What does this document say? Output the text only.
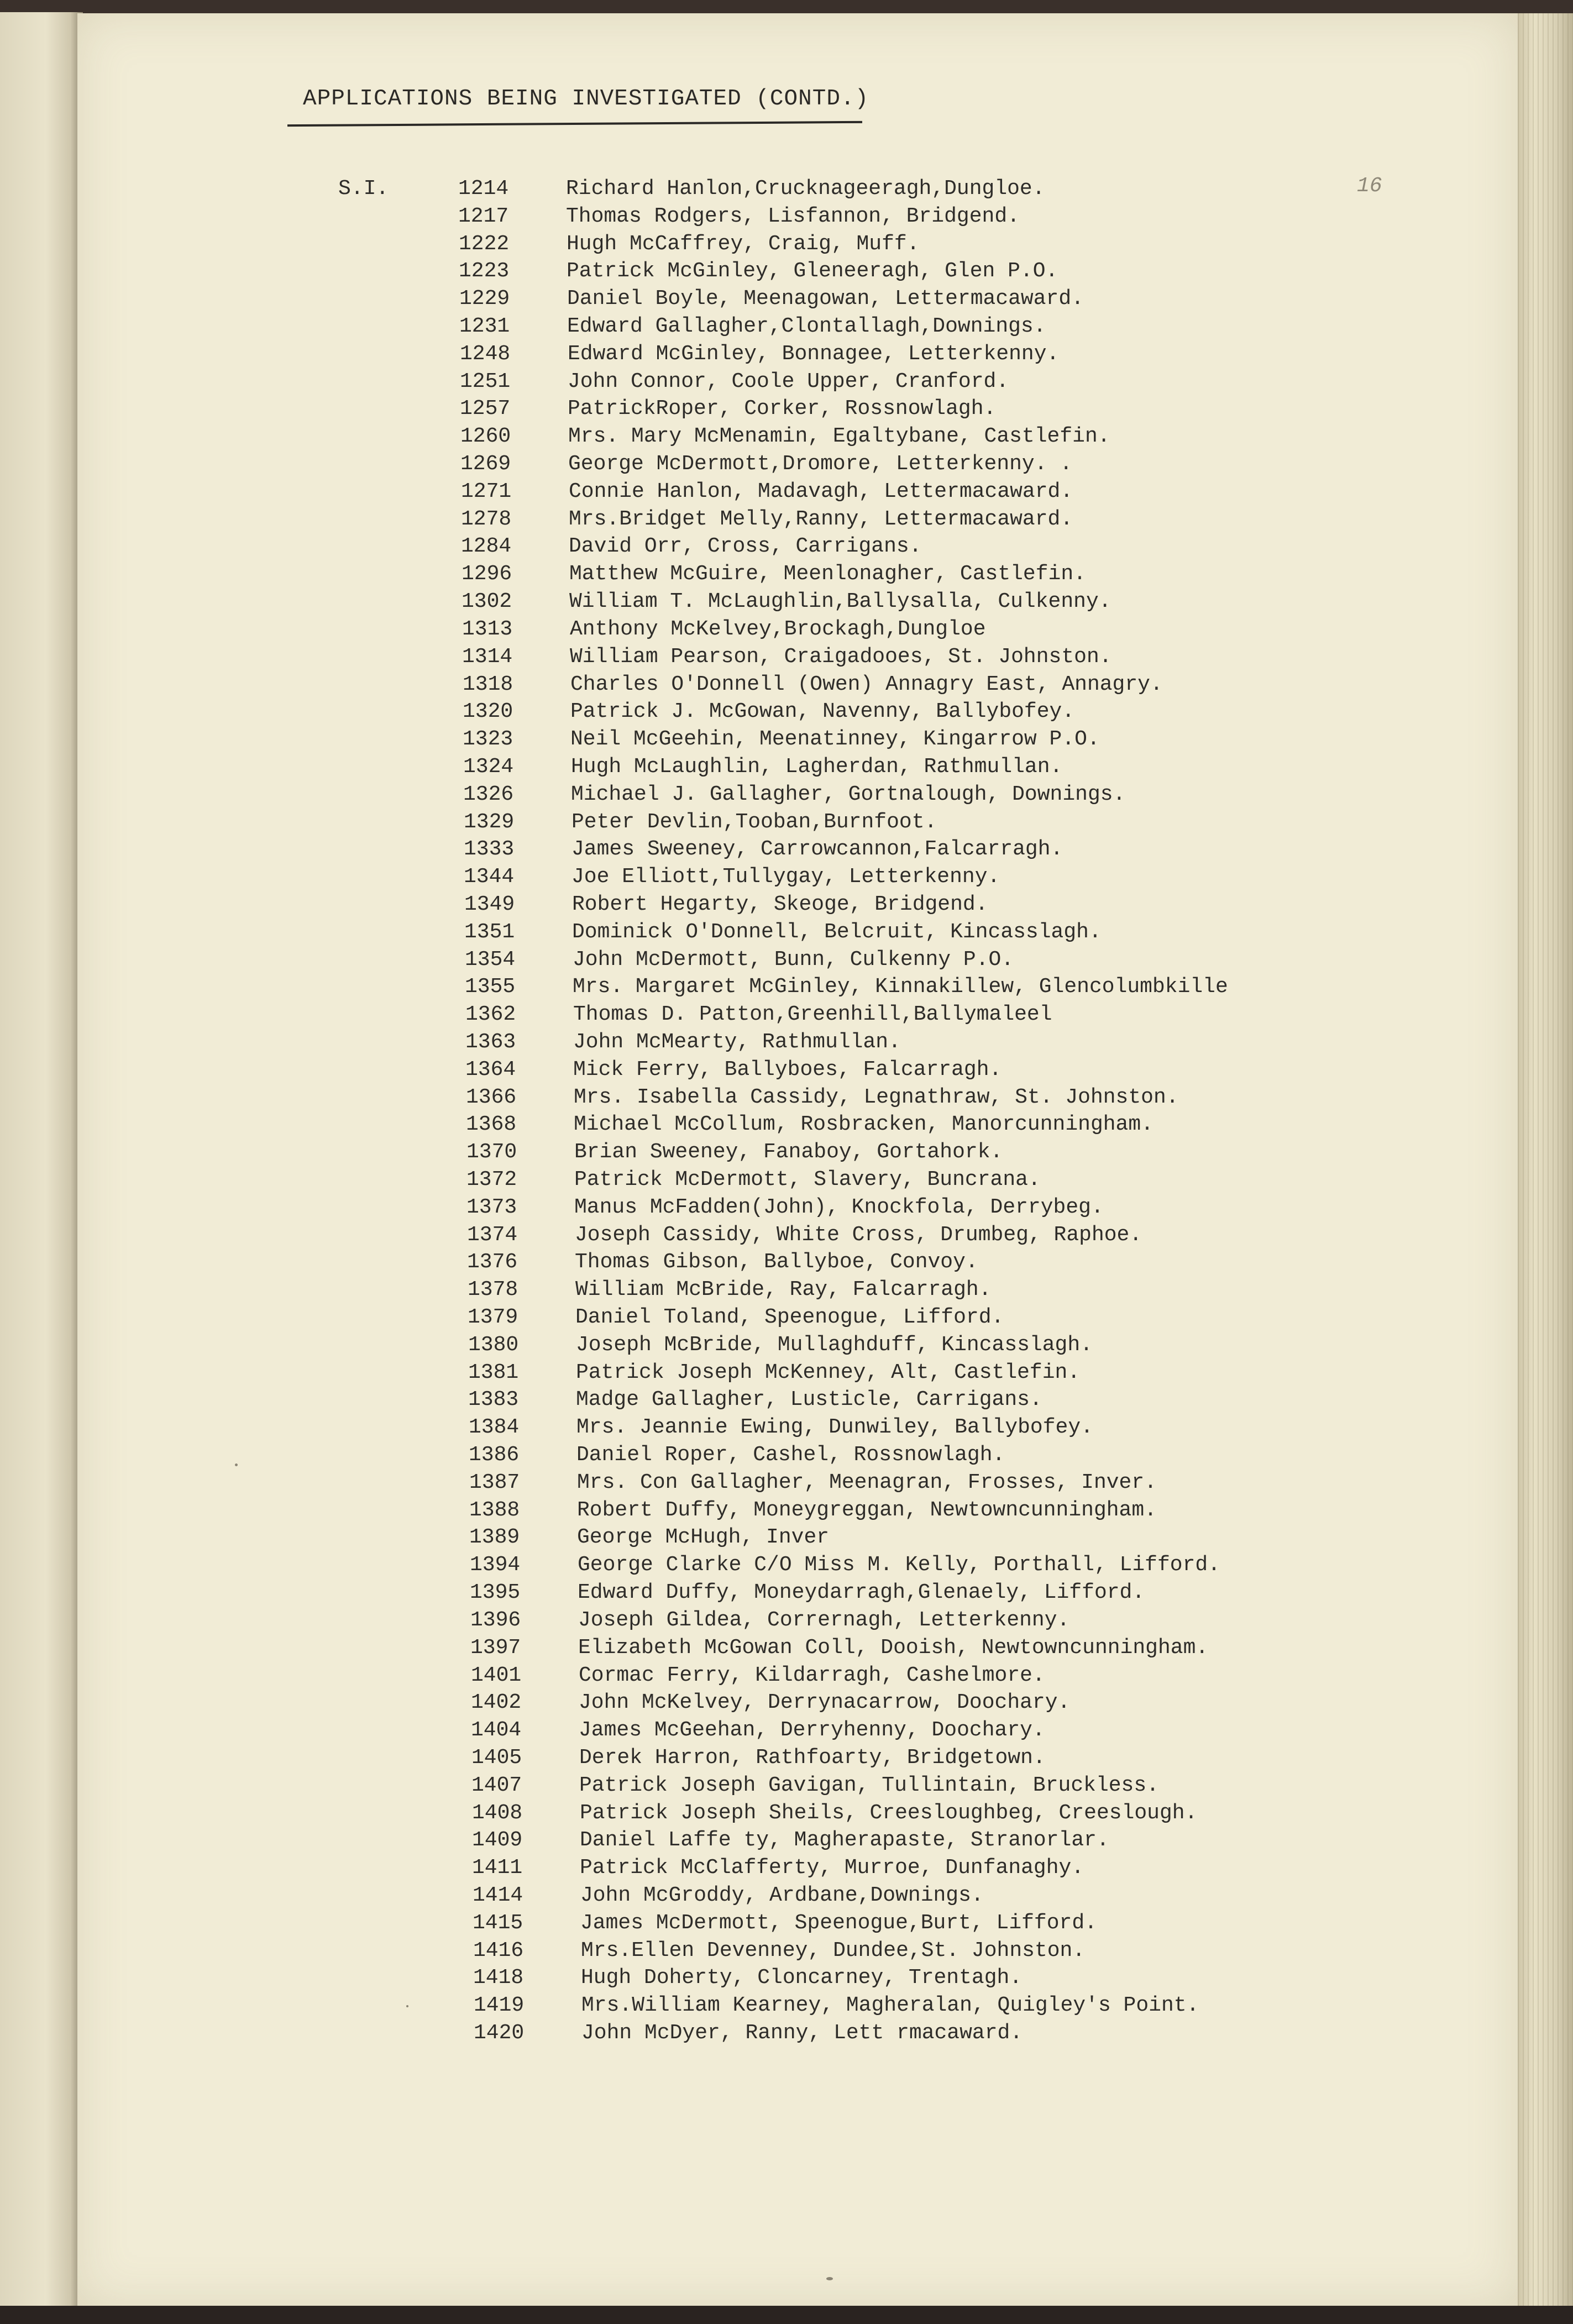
APPLICATIONS BEING INVESTIGATED (CONTD.)
16
S.I.	1214	Richard Hanlon,Crucknageeragh,Dungloe.
1217	Thomas Rodgers, Lisfannon, Bridgend.
1222	Hugh McCaffrey, Craig, Muff.
1223	Patrick McGinley, Gleneeragh, Glen P.O.
1229	Daniel Boyle, Meenagowan, Lettermacaward.
1231	Edward Gallagher,Clontallagh,Downings.
1248	Edward McGinley, Bonnagee, Letterkenny.
1251	John Connor, Coole Upper, Cranford.
1257	PatrickRoper, Corker, Rossnowlagh.
1260	Mrs. Mary McMenamin, Egaltybane, Castlefin.
1269	George McDermott,Dromore, Letterkenny. .
1271	Connie Hanlon, Madavagh, Lettermacaward.
1278	Mrs.Bridget Melly,Ranny, Lettermacaward.
1284	David Orr, Cross, Carrigans.
1296	Matthew McGuire, Meenlonagher, Castlefin.
1302	William T. McLaughlin,Ballysalla, Culkenny.
1313	Anthony McKelvey,Brockagh,Dungloe
1314	William Pearson, Craigadooes, St. Johnston.
1318	Charles O'Donnell (Owen) Annagry East, Annagry.
1320	Patrick J. McGowan, Navenny, Ballybofey.
1323	Neil McGeehin, Meenatinney, Kingarrow P.O.
1324	Hugh McLaughlin, Lagherdan, Rathmullan.
1326	Michael J. Gallagher, Gortnalough, Downings.
1329	Peter Devlin,Tooban,Burnfoot.
1333	James Sweeney, Carrowcannon,Falcarragh.
1344	Joe Elliott,Tullygay, Letterkenny.
1349	Robert Hegarty, Skeoge, Bridgend.
1351	Dominick O'Donnell, Belcruit, Kincasslagh.
1354	John McDermott, Bunn, Culkenny P.O.
1355	Mrs. Margaret McGinley, Kinnakillew, Glencolumbkille
1362	Thomas D. Patton,Greenhill,Ballymaleel
1363	John McMearty, Rathmullan.
1364	Mick Ferry, Ballyboes, Falcarragh.
1366	Mrs. Isabella Cassidy, Legnathraw, St. Johnston.
1368	Michael McCollum, Rosbracken, Manorcunningham.
1370	Brian Sweeney, Fanaboy, Gortahork.
1372	Patrick McDermott, Slavery, Buncrana.
1373	Manus McFadden(John), Knockfola, Derrybeg.
1374	Joseph Cassidy, White Cross, Drumbeg, Raphoe.
1376	Thomas Gibson, Ballyboe, Convoy.
1378	William McBride, Ray, Falcarragh.
1379	Daniel Toland, Speenogue, Lifford.
1380	Joseph McBride, Mullaghduff, Kincasslagh.
1381	Patrick Joseph McKenney, Alt, Castlefin.
1383	Madge Gallagher, Lusticle, Carrigans.
1384	Mrs. Jeannie Ewing, Dunwiley, Ballybofey.
1386	Daniel Roper, Cashel, Rossnowlagh.
1387	Mrs. Con Gallagher, Meenagran, Frosses, Inver.
1388	Robert Duffy, Moneygreggan, Newtowncunningham.
1389	George McHugh, Inver
1394	George Clarke C/O Miss M. Kelly, Porthall, Lifford.
1395	Edward Duffy, Moneydarragh,Glenaely, Lifford.
1396	Joseph Gildea, Corrernagh, Letterkenny.
1397	Elizabeth McGowan Coll, Dooish, Newtowncunningham.
1401	Cormac Ferry, Kildarragh, Cashelmore.
1402	John McKelvey, Derrynacarrow, Doochary.
1404	James McGeehan, Derryhenny, Doochary.
1405	Derek Harron, Rathfoarty, Bridgetown.
1407	Patrick Joseph Gavigan, Tullintain, Bruckless.
1408	Patrick Joseph Sheils, Creesloughbeg, Creeslough.
1409	Daniel Laffe ty, Magherapaste, Stranorlar.
1411	Patrick McClafferty, Murroe, Dunfanaghy.
1414	John McGroddy, Ardbane,Downings.
1415	James McDermott, Speenogue,Burt, Lifford.
1416	Mrs.Ellen Devenney, Dundee,St. Johnston.
1418	Hugh Doherty, Cloncarney, Trentagh.
1419	Mrs.William Kearney, Magheralan, Quigley's Point.
1420	John McDyer, Ranny, Lett rmacaward.
